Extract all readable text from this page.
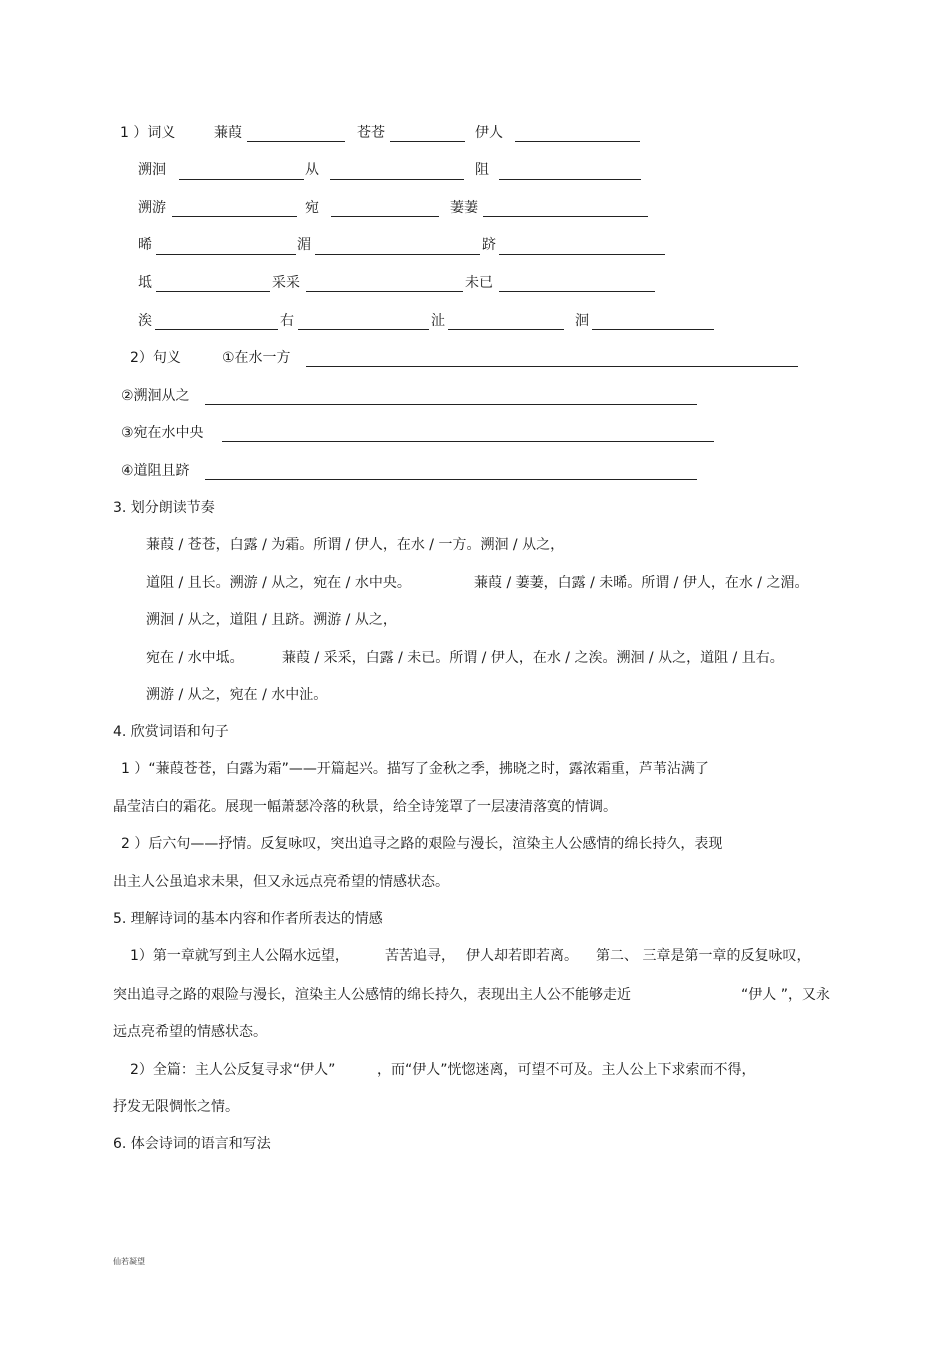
1 ）词义	蒹葭	苍苍	伊人
溯洄	从	阻
溯游	宛	萋萋
晞	湄	跻
坻	采采	未已
涘	右	沚	洄
2）句义	①在水一方
②溯洄从之
③宛在水中央
④道阻且跻
3. 划分朗读节奏
蒹葭 / 苍苍，白露 / 为霜。所谓 / 伊人，在水 / 一方。溯洄 / 从之，
道阻 / 且长。溯游 / 从之，宛在 / 水中央。	蒹葭 / 萋萋，白露 / 未晞。所谓 / 伊人，在水 / 之湄。
溯洄 / 从之，道阻 / 且跻。溯游 / 从之，
宛在 / 水中坻。	蒹葭 / 采采，白露 / 未已。所谓 / 伊人，在水 / 之涘。溯洄 / 从之，道阻 / 且右。
溯游 / 从之，宛在 / 水中沚。
4. 欣赏词语和句子
1 ）“蒹葭苍苍，白露为霜”——开篇起兴。描写了金秋之季，拂晓之时，露浓霜重，芦苇沾满了
晶莹洁白的霜花。展现一幅萧瑟冷落的秋景，给全诗笼罩了一层凄清落寞的情调。
2 ）后六句——抒情。反复咏叹，突出追寻之路的艰险与漫长，渲染主人公感情的绵长持久，表现
出主人公虽追求未果，但又永远点亮希望的情感状态。
5. 理解诗词的基本内容和作者所表达的情感
1）第一章就写到主人公隔水远望，	苦苦追寻， 伊人却若即若离。 第二、 三章是第一章的反复咏叹，
突出追寻之路的艰险与漫长，渲染主人公感情的绵长持久，表现出主人公不能够走近	“伊人 ”，又永
远点亮希望的情感状态。
2）全篇：主人公反复寻求“伊人”	，而“伊人”恍惚迷离，可望不可及。主人公上下求索而不得，
抒发无限惆怅之情。
6. 体会诗词的语言和写法
仙若凝望
